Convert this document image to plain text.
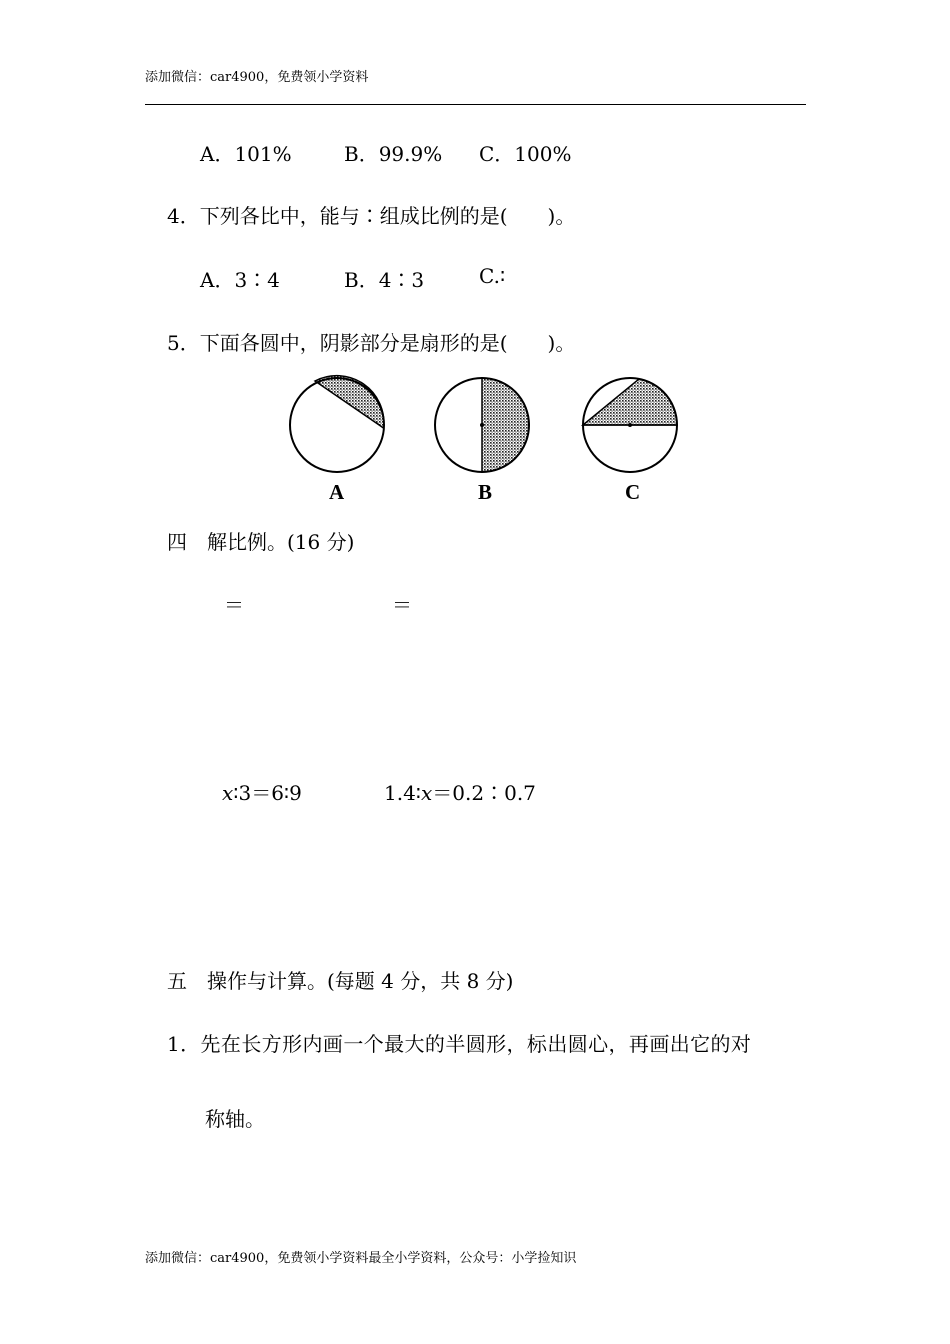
添加微信：car4900，免费领小学资料
A．101%	B．99.9% C．100%
4．下列各比中，能与∶组成比例的是(　　)。
A．3∶4	B．4∶3	C.∶
5．下面各圆中，阴影部分是扇形的是(　　)。
A	B	C
四　解比例。(16 分)
＝	＝
x∶3＝6∶9	1.4∶x＝0.2∶0.7
五　操作与计算。(每题 4 分，共 8 分)
1．先在长方形内画一个最大的半圆形，标出圆心，再画出它的对
称轴。
添加微信：car4900，免费领小学资料最全小学资料，公众号：小学捡知识
